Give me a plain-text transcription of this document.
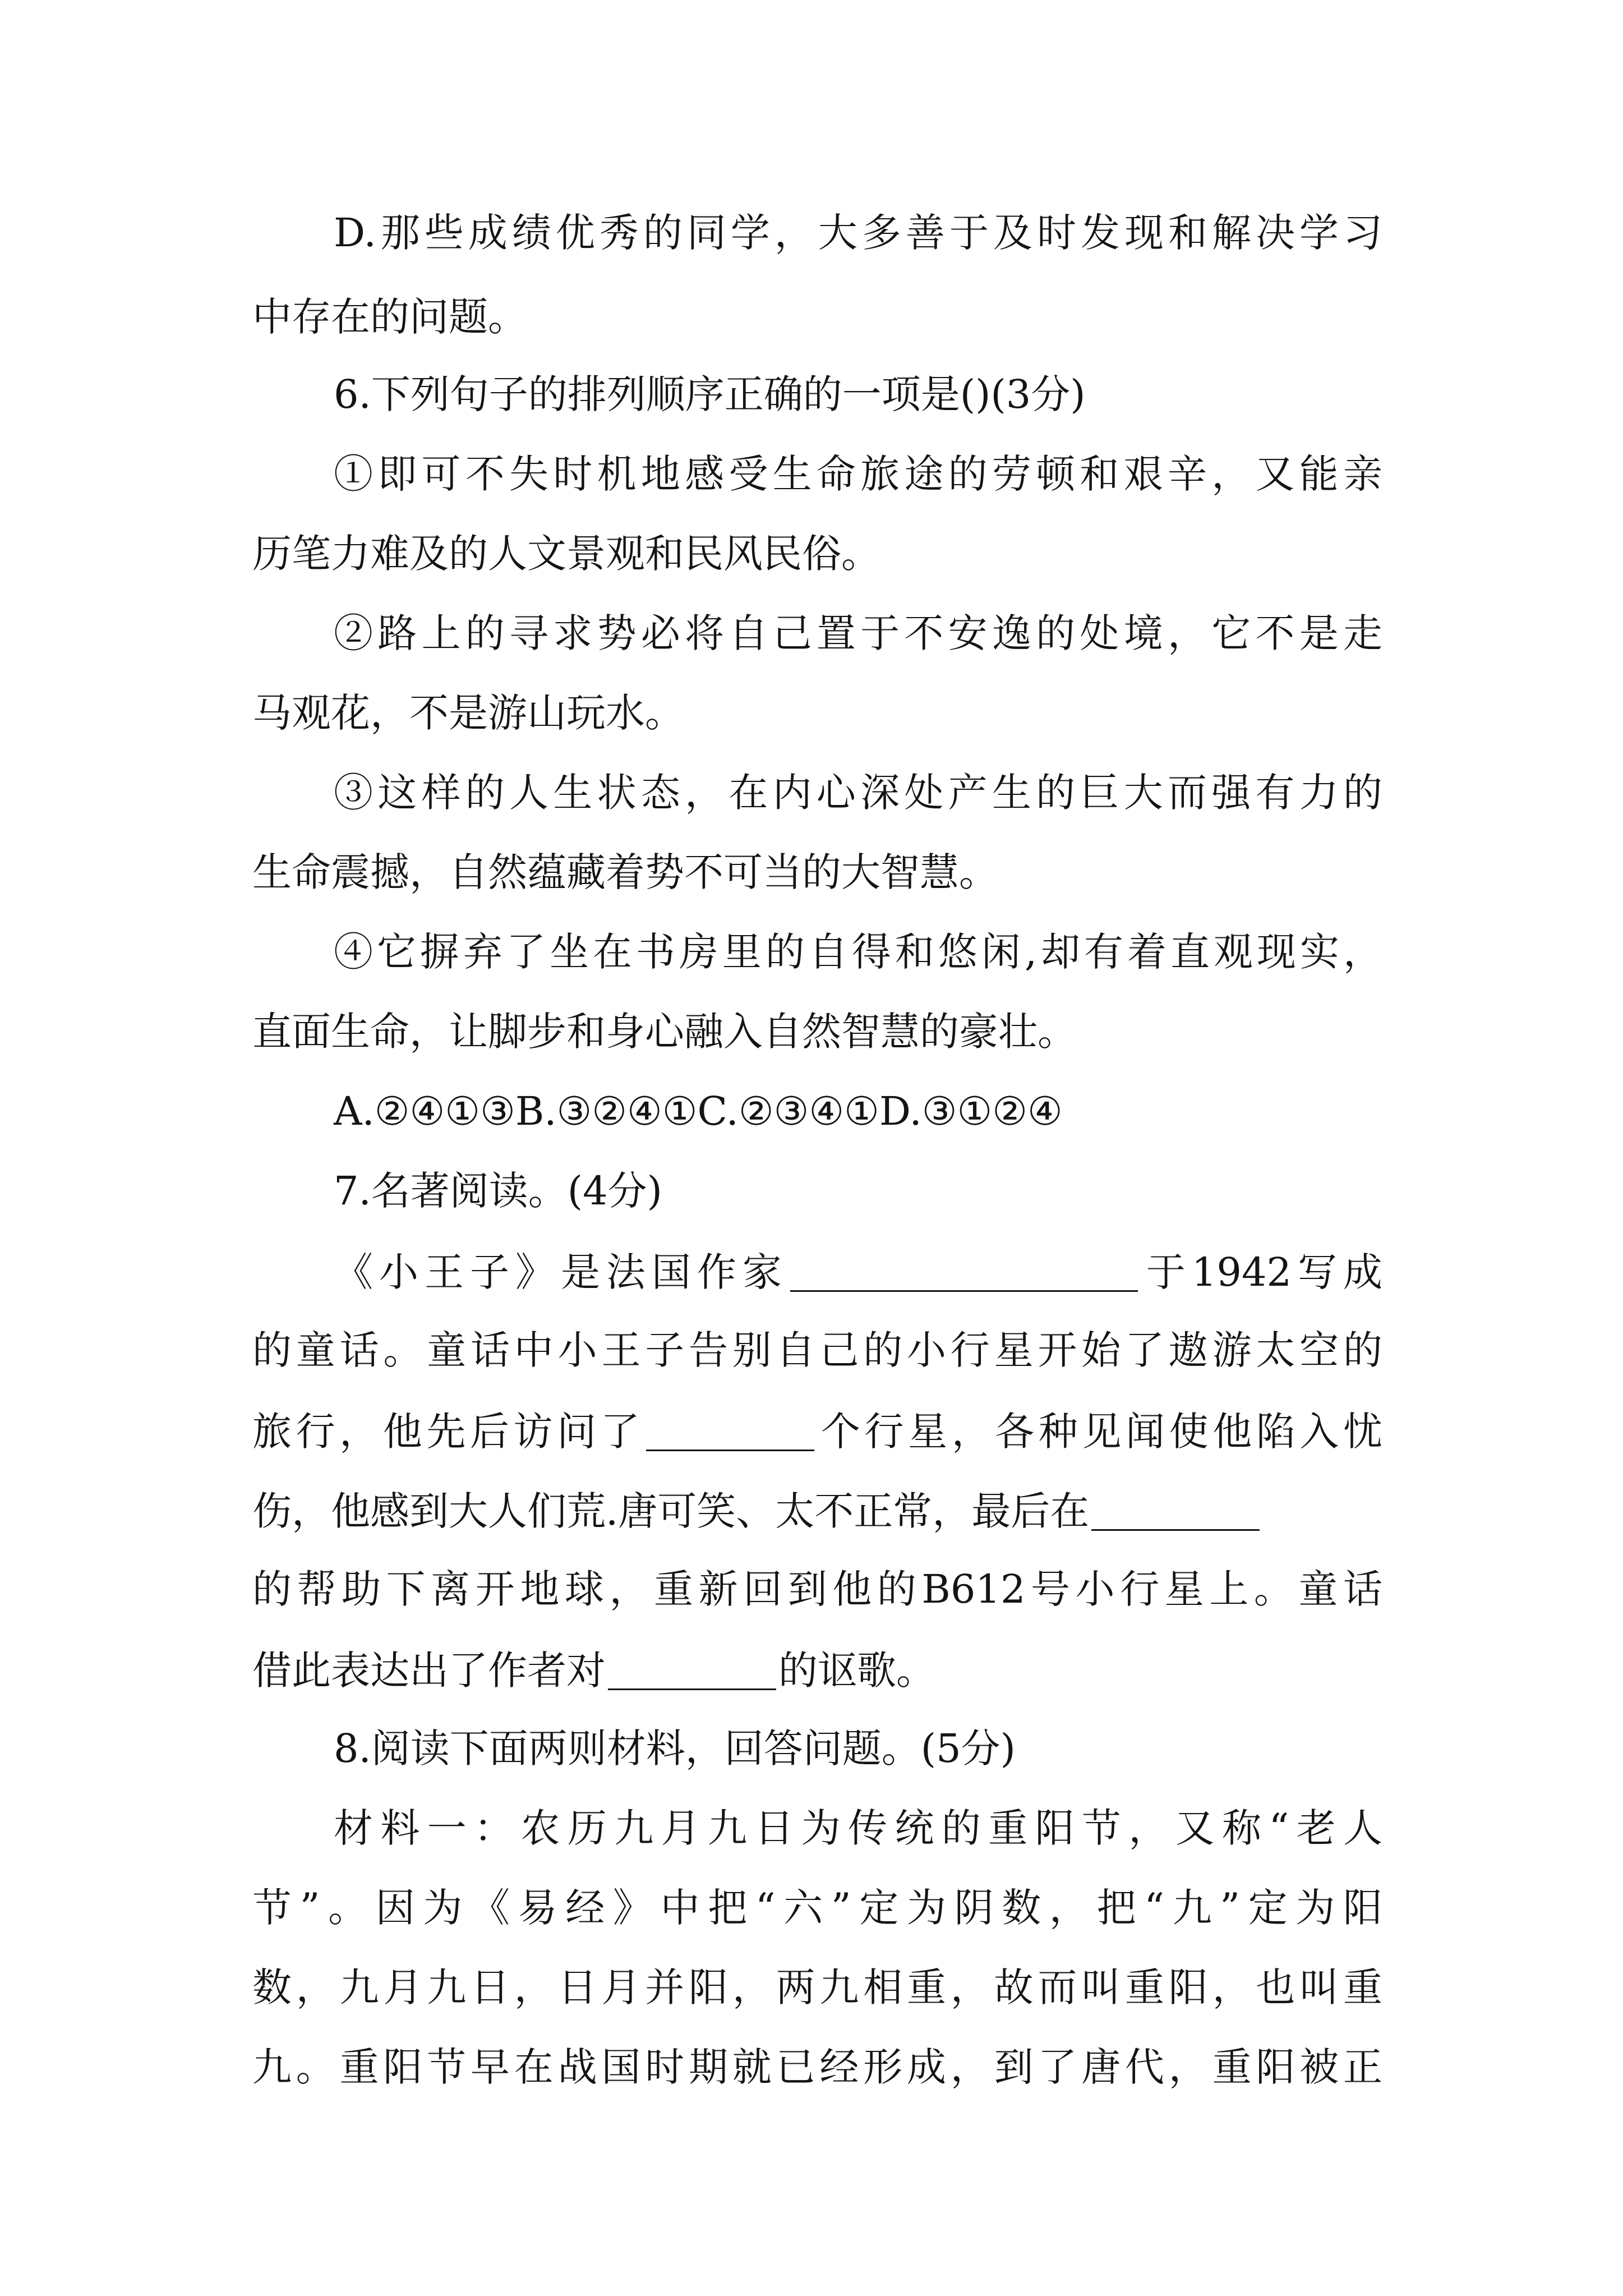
D.那些成绩优秀的同学，大多善于及时发现和解决学习
中存在的问题。
6.下列句子的排列顺序正确的一项是()(3分)
①即可不失时机地感受生命旅途的劳顿和艰辛，又能亲
历笔力难及的人文景观和民风民俗。
②路上的寻求势必将自己置于不安逸的处境，它不是走
马观花，不是游山玩水。
③这样的人生状态，在内心深处产生的巨大而强有力的
生命震撼，自然蕴藏着势不可当的大智慧。
④它摒弃了坐在书房里的自得和悠闲,却有着直观现实，
直面生命，让脚步和身心融入自然智慧的豪壮。
A.②④①③B.③②④①C.②③④①D.③①②④
7.名著阅读。(4分)
《小王子》是法国作家	于1942写成
的童话。童话中小王子告别自己的小行星开始了遨游太空的
旅行，他先后访问了	个行星，各种见闻使他陷入忧
伤，他感到大人们荒.唐可笑、太不正常，最后在
的帮助下离开地球，重新回到他的B612号小行星上。童话
借此表达出了作者对	的讴歌。
8.阅读下面两则材料，回答问题。(5分)
材料一：农历九月九日为传统的重阳节，又称“老人
节”。因为《易经》中把“六”定为阴数，把“九”定为阳
数，九月九日，日月并阳，两九相重，故而叫重阳，也叫重
九。重阳节早在战国时期就已经形成，到了唐代，重阳被正
